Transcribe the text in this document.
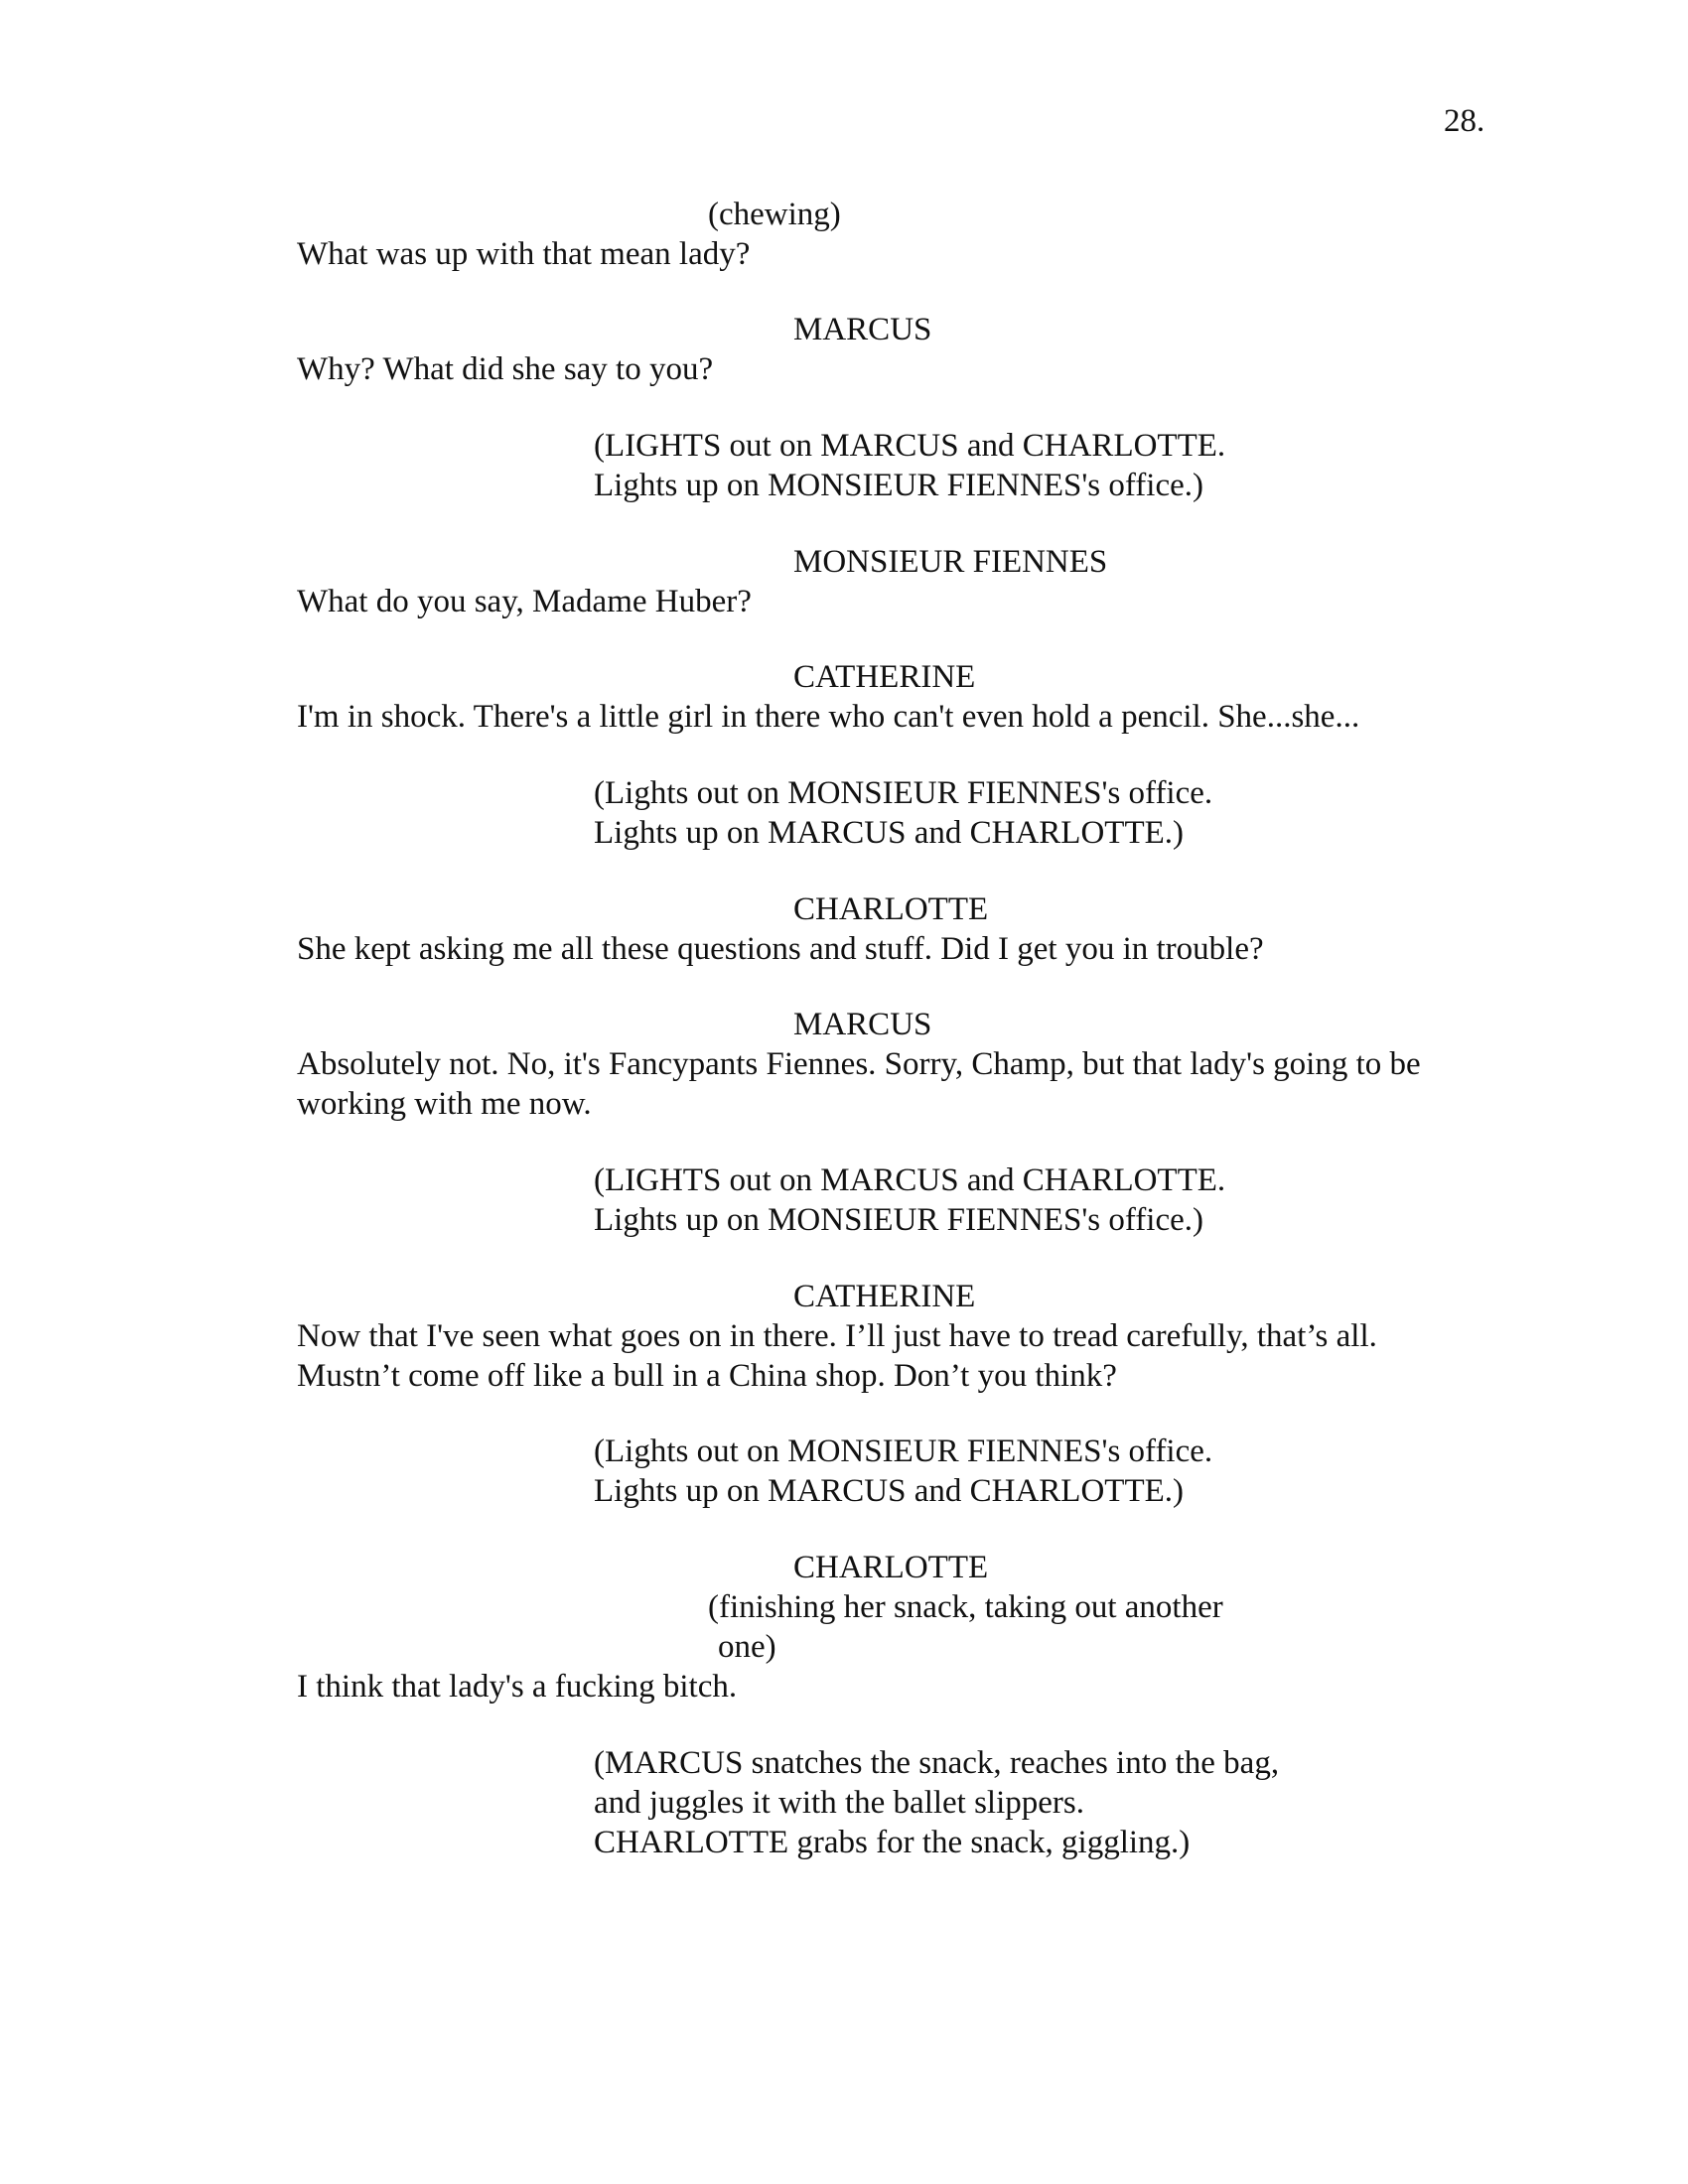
28.
(chewing)
What was up with that mean lady?
MARCUS
Why? What did she say to you?
(LIGHTS out on MARCUS and CHARLOTTE.
Lights up on MONSIEUR FIENNES's office.)
MONSIEUR FIENNES
What do you say, Madame Huber?
CATHERINE
I'm in shock. There's a little girl in there who can't even hold a pencil. She...she...
(Lights out on MONSIEUR FIENNES's office.
Lights up on MARCUS and CHARLOTTE.)
CHARLOTTE
She kept asking me all these questions and stuff. Did I get you in trouble?
MARCUS
Absolutely not. No, it's Fancypants Fiennes. Sorry, Champ, but that lady's going to be
working with me now.
(LIGHTS out on MARCUS and CHARLOTTE.
Lights up on MONSIEUR FIENNES's office.)
CATHERINE
Now that I've seen what goes on in there. I’ll just have to tread carefully, that’s all.
Mustn’t come off like a bull in a China shop. Don’t you think?
(Lights out on MONSIEUR FIENNES's office.
Lights up on MARCUS and CHARLOTTE.)
CHARLOTTE
(finishing her snack, taking out another
one)
I think that lady's a fucking bitch.
(MARCUS snatches the snack, reaches into the bag,
and juggles it with the ballet slippers.
CHARLOTTE grabs for the snack, giggling.)
